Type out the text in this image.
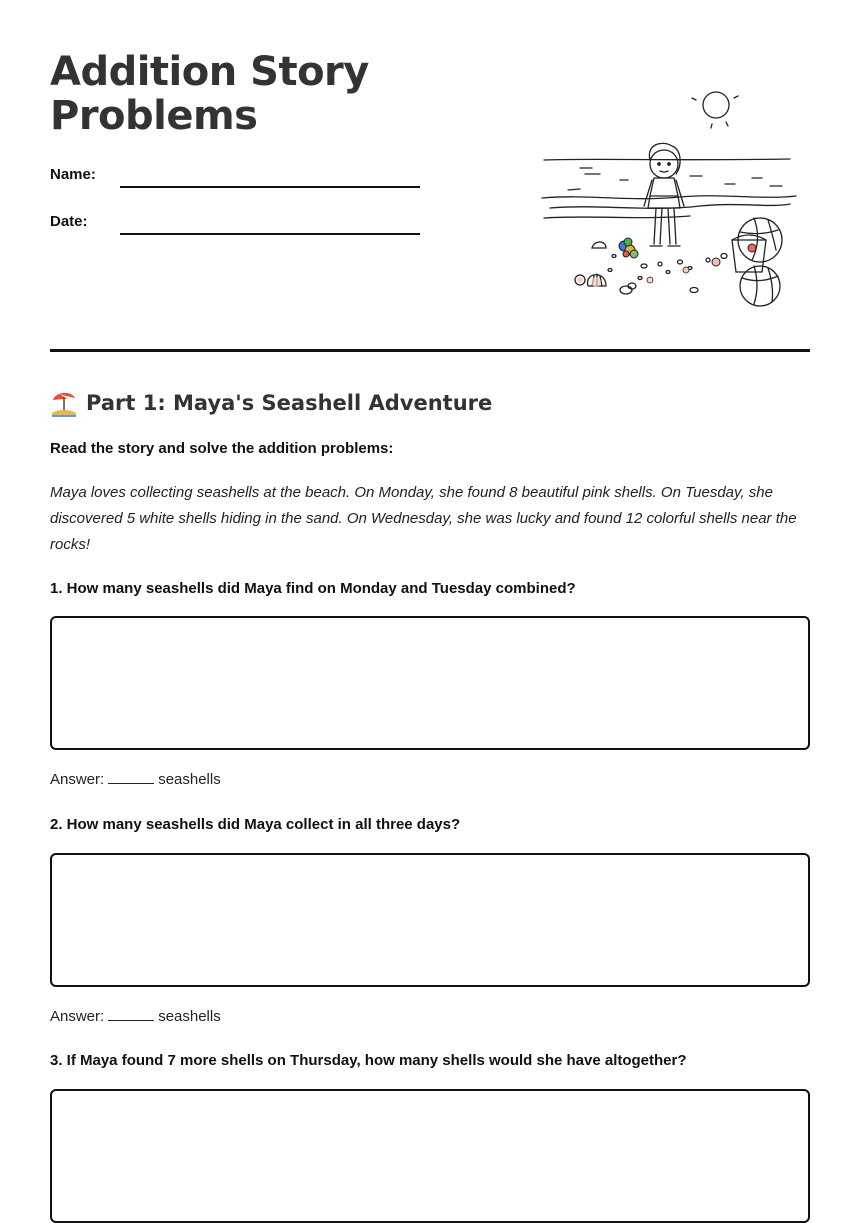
Addition Story Problems
Name:
Date:
Part 1: Maya's Seashell Adventure
Read the story and solve the addition problems:

Maya loves collecting seashells at the beach. On Monday, she found 8 beautiful pink shells. On Tuesday, she discovered 5 white shells hiding in the sand. On Wednesday, she was lucky and found 12 colorful shells near the rocks!

1. How many seashells did Maya find on Monday and Tuesday combined?
Answer:	seashells
2. How many seashells did Maya collect in all three days?
Answer:	seashells
3. If Maya found 7 more shells on Thursday, how many shells would she have altogether?
